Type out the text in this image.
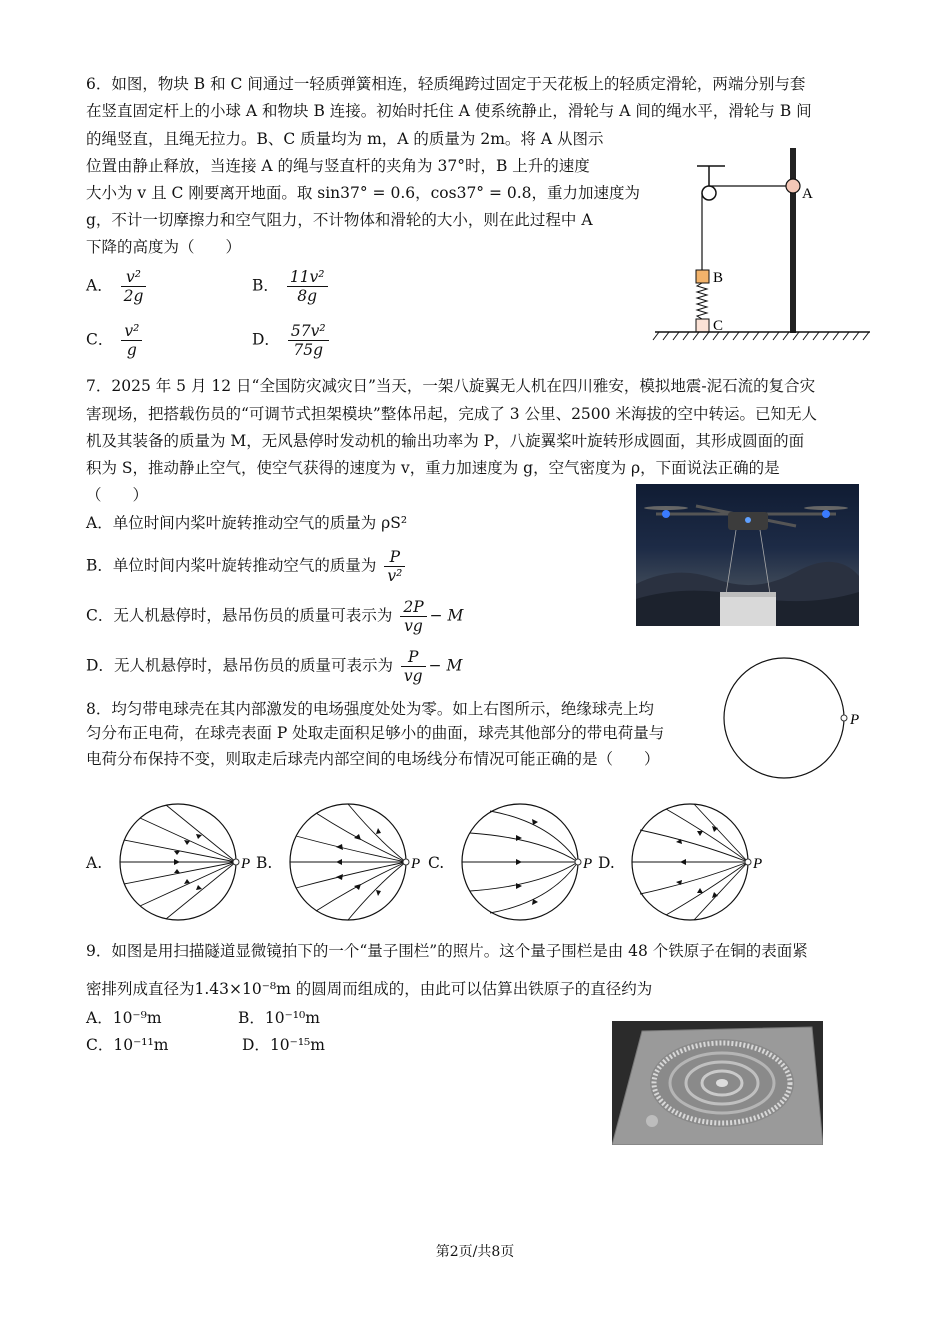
6．如图，物块 B 和 C 间通过一轻质弹簧相连，轻质绳跨过固定于天花板上的轻质定滑轮，两端分别与套
在竖直固定杆上的小球 A 和物块 B 连接。初始时托住 A 使系统静止，滑轮与 A 间的绳水平，滑轮与 B 间
的绳竖直，且绳无拉力。B、C 质量均为 m，A 的质量为 2m。将 A 从图示
位置由静止释放，当连接 A 的绳与竖直杆的夹角为 37°时，B 上升的速度
大小为 v 且 C 刚要离开地面。取 sin37° = 0.6，cos37° = 0.8，重力加速度为
g，不计一切摩擦力和空气阻力，不计物体和滑轮的大小，则在此过程中 A
下降的高度为（　　）
A． $\frac{\text{v²}}{2g}$	B． $\frac{\text{11v²}}{8g}$
C． $\frac{\text{v²}}{g}$	D． $\frac{\text{57v²}}{75g}$
A
B
C
7．2025 年 5 月 12 日“全国防灾减灾日”当天，一架八旋翼无人机在四川雅安，模拟地震-泥石流的复合灾
害现场，把搭载伤员的“可调节式担架模块”整体吊起，完成了 3 公里、2500 米海拔的空中转运。已知无人
机及其装备的质量为 M，无风悬停时发动机的输出功率为 P，八旋翼桨叶旋转形成圆面，其形成圆面的面
积为 S，推动静止空气，使空气获得的速度为 v，重力加速度为 g，空气密度为 ρ，下面说法正确的是
（　　）
A．单位时间内桨叶旋转推动空气的质量为 ρS²
B．单位时间内桨叶旋转推动空气的质量为 $\frac{P}{\text{v²}}$
C．无人机悬停时，悬吊伤员的质量可表示为 $\frac{2P}{vg} - M$
D．无人机悬停时，悬吊伤员的质量可表示为 $\frac{P}{vg} - M$
8．均匀带电球壳在其内部激发的电场强度处处为零。如上右图所示，绝缘球壳上均
匀分布正电荷，在球壳表面 P 处取走面积足够小的曲面，球壳其他部分的带电荷量与
电荷分布保持不变，则取走后球壳内部空间的电场线分布情况可能正确的是（　　）
P
A.	B.	C.	D.
P	P	P	P
9．如图是用扫描隧道显微镜拍下的一个“量子围栏”的照片。这个量子围栏是由 48 个铁原子在铜的表面紧
密排列成直径为1.43×10⁻⁸m 的圆周而组成的，由此可以估算出铁原子的直径约为
A．10⁻⁹m	B．10⁻¹⁰m
C．10⁻¹¹m	D．10⁻¹⁵m
第2页/共8页
